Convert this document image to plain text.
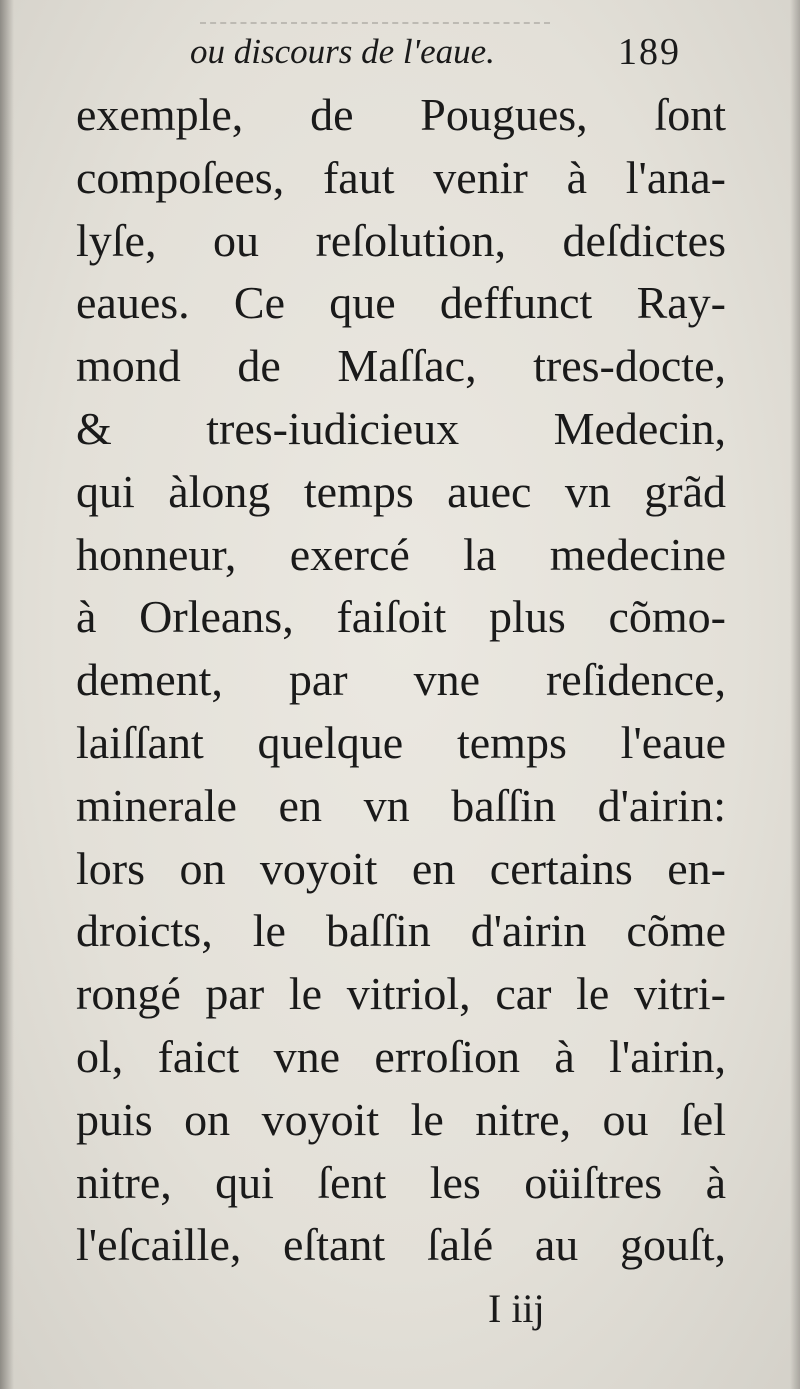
ou discours de l'eaue.	189
exemple, de Pougues, ſont
compoſees, faut venir à l'ana-
lyſe, ou reſolution, deſdictes
eaues. Ce que deffunct Ray-
mond de Maſſac, tres-docte,
& tres-iudicieux Medecin,
qui àlong temps auec vn grãd
honneur, exercé la medecine
à Orleans, faiſoit plus cõmo-
dement, par vne reſidence,
laiſſant quelque temps l'eaue
minerale en vn baſſin d'airin:
lors on voyoit en certains en-
droicts, le baſſin d'airin cõme
rongé par le vitriol, car le vitri-
ol, faict vne erroſion à l'airin,
puis on voyoit le nitre, ou ſel
nitre, qui ſent les oüiſtres à
l'eſcaille, eſtant ſalé au gouſt,
I iij
